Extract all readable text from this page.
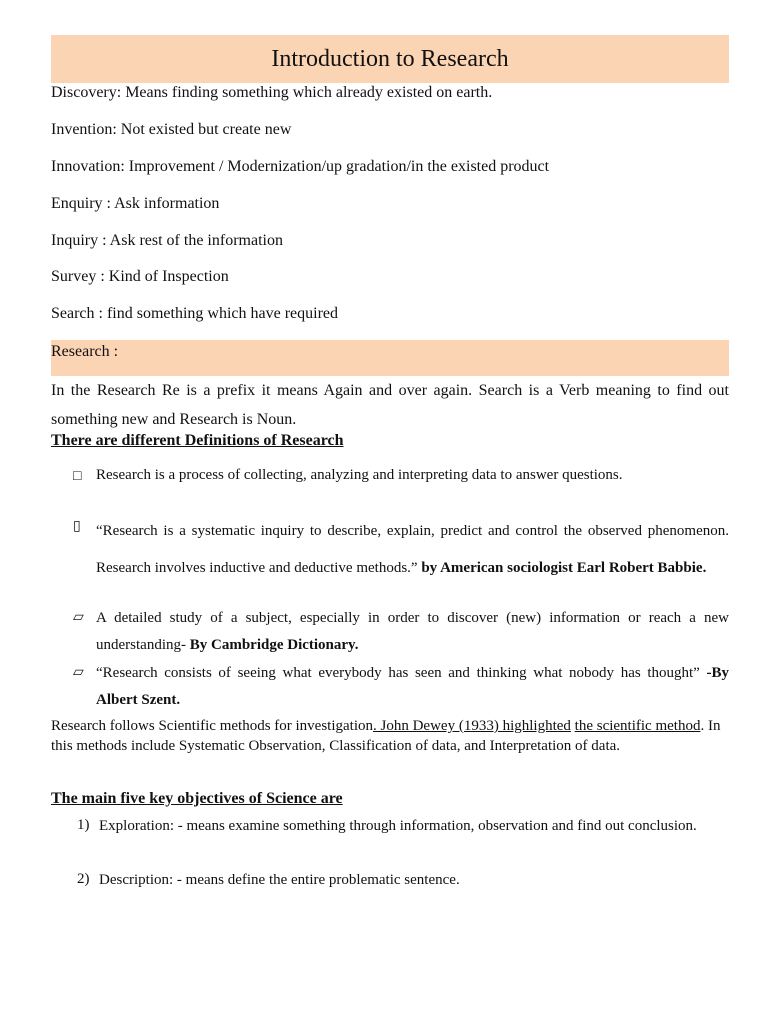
Introduction to Research

Discovery: Means finding something which already existed on earth.

Invention: Not existed but create new

Innovation: Improvement / Modernization/up gradation/in the existed product

Enquiry : Ask information

Inquiry : Ask rest of the information

Survey : Kind of Inspection

Search : find something which have required

Research :
In the Research Re is a prefix it means Again and over again. Search is a Verb meaning to find out something new and Research is Noun.
There are different Definitions of Research
□ Research is a process of collecting, analyzing and interpreting data to answer questions.
▯ “Research is a systematic inquiry to describe, explain, predict and control the observed phenomenon. Research involves inductive and deductive methods.” by American sociologist Earl Robert Babbie.
▱ A detailed study of a subject, especially in order to discover (new) information or reach a new understanding- By Cambridge Dictionary.
▱ “Research consists of seeing what everybody has seen and thinking what nobody has thought” -By Albert Szent.
Research follows Scientific methods for investigation. John Dewey (1933) highlighted the scientific method. In this methods include Systematic Observation, Classification of data, and Interpretation of data.
The main five key objectives of Science are
1) Exploration: - means examine something through information, observation and find out conclusion.
2) Description: - means define the entire problematic sentence.
